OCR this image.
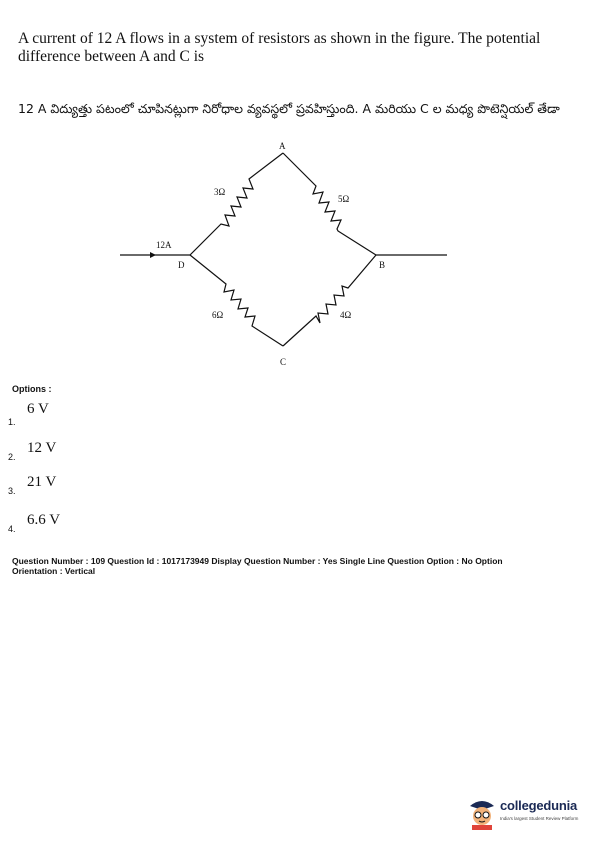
A current of 12 A flows in a system of resistors as shown in the figure. The potential difference between A and C is
12 A విద్యుత్తు పటంలో చూపినట్లుగా నిరోధాల వ్యవస్థలో ప్రవహిస్తుంది. A మరియు C ల మధ్య పొటెన్షియల్ తేడా
A
B
C
D
12A
3Ω
5Ω
6Ω	4Ω
Options :
1.
6 V
2.
12 V
3.
21 V
4.
6.6 V
Question Number : 109 Question Id : 1017173949 Display Question Number : Yes Single Line Question Option : No Option
Orientation : Vertical
collegedunia
India's largest Student Review Platform
